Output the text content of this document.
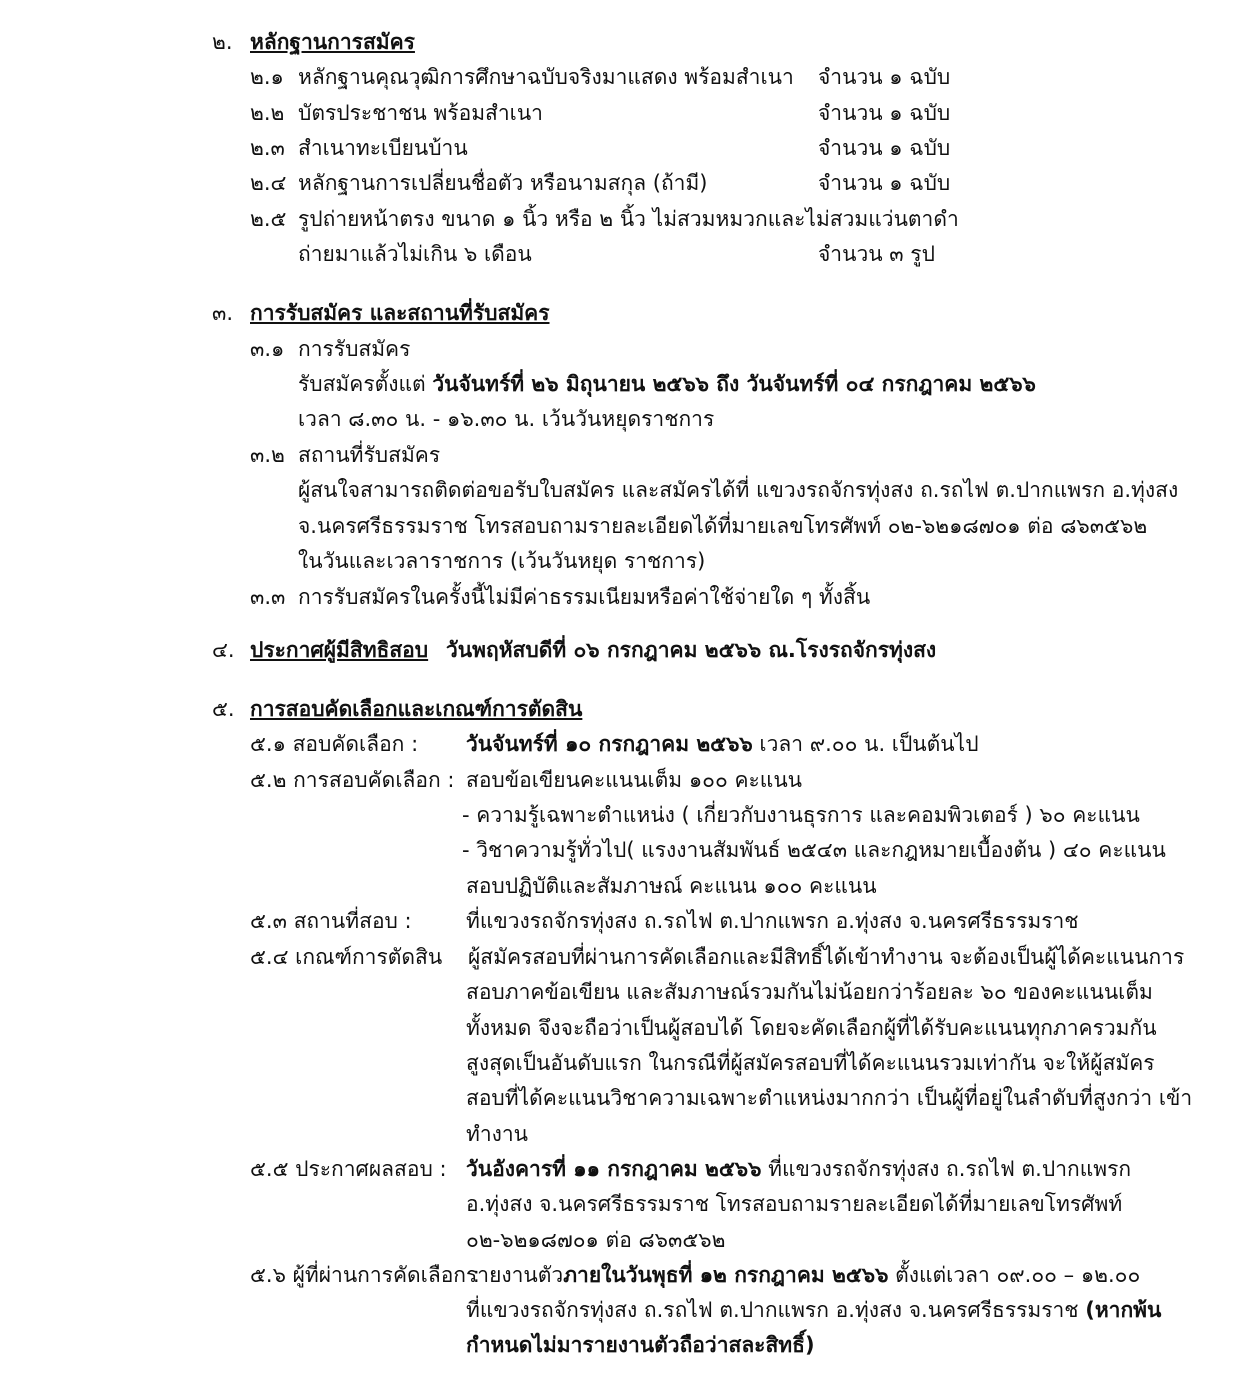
๒. หลักฐานการสมัคร
๒.๑ หลักฐานคุณวุฒิการศึกษาฉบับจริงมาแสดง พร้อมสำเนา จำนวน ๑ ฉบับ
๒.๒ บัตรประชาชน พร้อมสำเนา	จำนวน ๑ ฉบับ
๒.๓ สำเนาทะเบียนบ้าน	จำนวน ๑ ฉบับ
๒.๔ หลักฐานการเปลี่ยนชื่อตัว หรือนามสกุล (ถ้ามี)	จำนวน ๑ ฉบับ
๒.๕ รูปถ่ายหน้าตรง ขนาด ๑ นิ้ว หรือ ๒ นิ้ว ไม่สวมหมวกและไม่สวมแว่นตาดำ
ถ่ายมาแล้วไม่เกิน ๖ เดือน	จำนวน ๓ รูป
๓. การรับสมัคร และสถานที่รับสมัคร
๓.๑ การรับสมัคร
รับสมัครตั้งแต่ วันจันทร์ที่ ๒๖ มิถุนายน ๒๕๖๖ ถึง วันจันทร์ที่ ๐๔ กรกฎาคม ๒๕๖๖
เวลา ๘.๓๐ น. - ๑๖.๓๐ น. เว้นวันหยุดราชการ
๓.๒ สถานที่รับสมัคร
ผู้สนใจสามารถติดต่อขอรับใบสมัคร และสมัครได้ที่ แขวงรถจักรทุ่งสง ถ.รถไฟ ต.ปากแพรก อ.ทุ่งสง
จ.นครศรีธรรมราช โทรสอบถามรายละเอียดได้ที่มายเลขโทรศัพท์ ๐๒-๖๒๑๘๗๐๑ ต่อ ๘๖๓๕๖๒
ในวันและเวลาราชการ (เว้นวันหยุด ราชการ)
๓.๓ การรับสมัครในครั้งนี้ไม่มีค่าธรรมเนียมหรือค่าใช้จ่ายใด ๆ ทั้งสิ้น
๔. ประกาศผู้มีสิทธิสอบ วันพฤหัสบดีที่ ๐๖ กรกฎาคม ๒๕๖๖ ณ.โรงรถจักรทุ่งสง
๕. การสอบคัดเลือกและเกณฑ์การตัดสิน
๕.๑ สอบคัดเลือก : วันจันทร์ที่ ๑๐ กรกฎาคม ๒๕๖๖ เวลา ๙.๐๐ น. เป็นต้นไป
๕.๒ การสอบคัดเลือก : สอบข้อเขียนคะแนนเต็ม ๑๐๐ คะแนน
- ความรู้เฉพาะตำแหน่ง ( เกี่ยวกับงานธุรการ และคอมพิวเตอร์ ) ๖๐ คะแนน
- วิชาความรู้ทั่วไป( แรงงานสัมพันธ์ ๒๕๔๓ และกฎหมายเบื้องต้น ) ๔๐ คะแนน
สอบปฏิบัติและสัมภาษณ์ คะแนน ๑๐๐ คะแนน
๕.๓ สถานที่สอบ :	ที่แขวงรถจักรทุ่งสง ถ.รถไฟ ต.ปากแพรก อ.ทุ่งสง จ.นครศรีธรรมราช
๕.๔ เกณฑ์การตัดสิน ผู้สมัครสอบที่ผ่านการคัดเลือกและมีสิทธิ์ได้เข้าทำงาน จะต้องเป็นผู้ได้คะแนนการ
สอบภาคข้อเขียน และสัมภาษณ์รวมกันไม่น้อยกว่าร้อยละ ๖๐ ของคะแนนเต็ม
ทั้งหมด จึงจะถือว่าเป็นผู้สอบได้ โดยจะคัดเลือกผู้ที่ได้รับคะแนนทุกภาครวมกัน
สูงสุดเป็นอันดับแรก ในกรณีที่ผู้สมัครสอบที่ได้คะแนนรวมเท่ากัน จะให้ผู้สมัคร
สอบที่ได้คะแนนวิชาความเฉพาะตำแหน่งมากกว่า เป็นผู้ที่อยู่ในลำดับที่สูงกว่า เข้า
ทำงาน
๕.๕ ประกาศผลสอบ : วันอังคารที่ ๑๑ กรกฎาคม ๒๕๖๖ ที่แขวงรถจักรทุ่งสง ถ.รถไฟ ต.ปากแพรก
อ.ทุ่งสง จ.นครศรีธรรมราช โทรสอบถามรายละเอียดได้ที่มายเลขโทรศัพท์
๐๒-๖๒๑๘๗๐๑ ต่อ ๘๖๓๕๖๒
๕.๖ ผู้ที่ผ่านการคัดเลือก :
รายงานตัวภายในวันพุธที่ ๑๒ กรกฎาคม ๒๕๖๖ ตั้งแต่เวลา ๐๙.๐๐ – ๑๒.๐๐
ที่แขวงรถจักรทุ่งสง ถ.รถไฟ ต.ปากแพรก อ.ทุ่งสง จ.นครศรีธรรมราช (หากพ้น
กำหนดไม่มารายงานตัวถือว่าสละสิทธิ์)
